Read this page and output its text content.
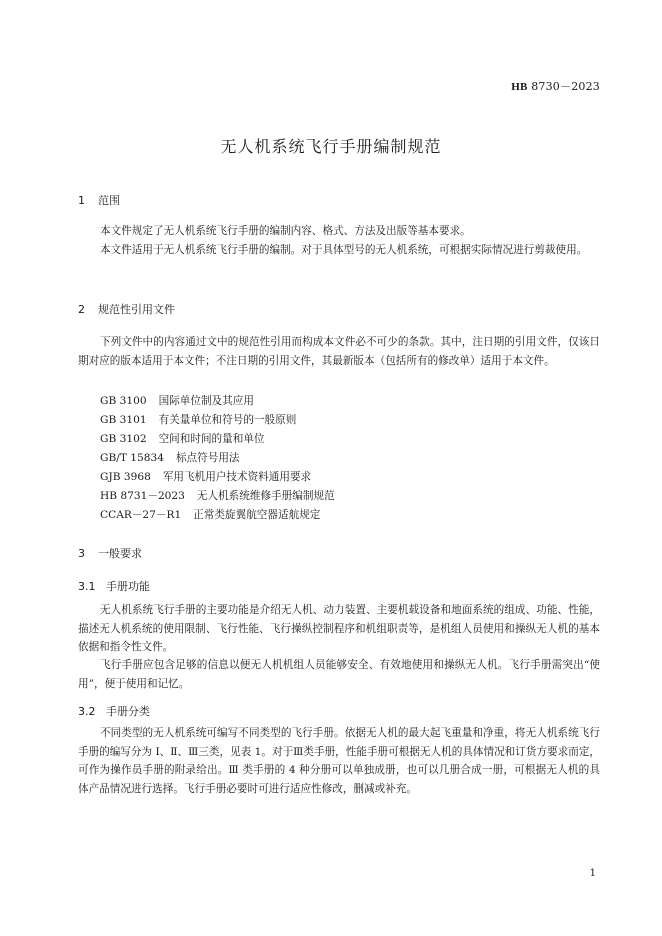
HB 8730－2023
无人机系统飞行手册编制规范
1 范围
本文件规定了无人机系统飞行手册的编制内容、格式、方法及出版等基本要求。
本文件适用于无人机系统飞行手册的编制。对于具体型号的无人机系统，可根据实际情况进行剪裁使用。
2 规范性引用文件
下列文件中的内容通过文中的规范性引用而构成本文件必不可少的条款。其中，注日期的引用文件，仅该日期对应的版本适用于本文件；不注日期的引用文件，其最新版本（包括所有的修改单）适用于本文件。
GB 3100 国际单位制及其应用
GB 3101 有关量单位和符号的一般原则
GB 3102 空间和时间的量和单位
GB/T 15834 标点符号用法
GJB 3968 军用飞机用户技术资料通用要求
HB 8731－2023 无人机系统维修手册编制规范
CCAR－27－R1 正常类旋翼航空器适航规定
3 一般要求
3.1 手册功能
无人机系统飞行手册的主要功能是介绍无人机、动力装置、主要机载设备和地面系统的组成、功能、性能，描述无人机系统的使用限制、飞行性能、飞行操纵控制程序和机组职责等，是机组人员使用和操纵无人机的基本依据和指令性文件。
飞行手册应包含足够的信息以便无人机机组人员能够安全、有效地使用和操纵无人机。飞行手册需突出“使用”，便于使用和记忆。
3.2 手册分类
不同类型的无人机系统可编写不同类型的飞行手册。依据无人机的最大起飞重量和净重，将无人机系统飞行手册的编写分为 Ⅰ、Ⅱ、Ⅲ三类，见表 1。对于Ⅲ类手册，性能手册可根据无人机的具体情况和订货方要求而定，可作为操作员手册的附录给出。Ⅲ 类手册的 4 种分册可以单独成册，也可以几册合成一册，可根据无人机的具体产品情况进行选择。飞行手册必要时可进行适应性修改，删减或补充。
1
